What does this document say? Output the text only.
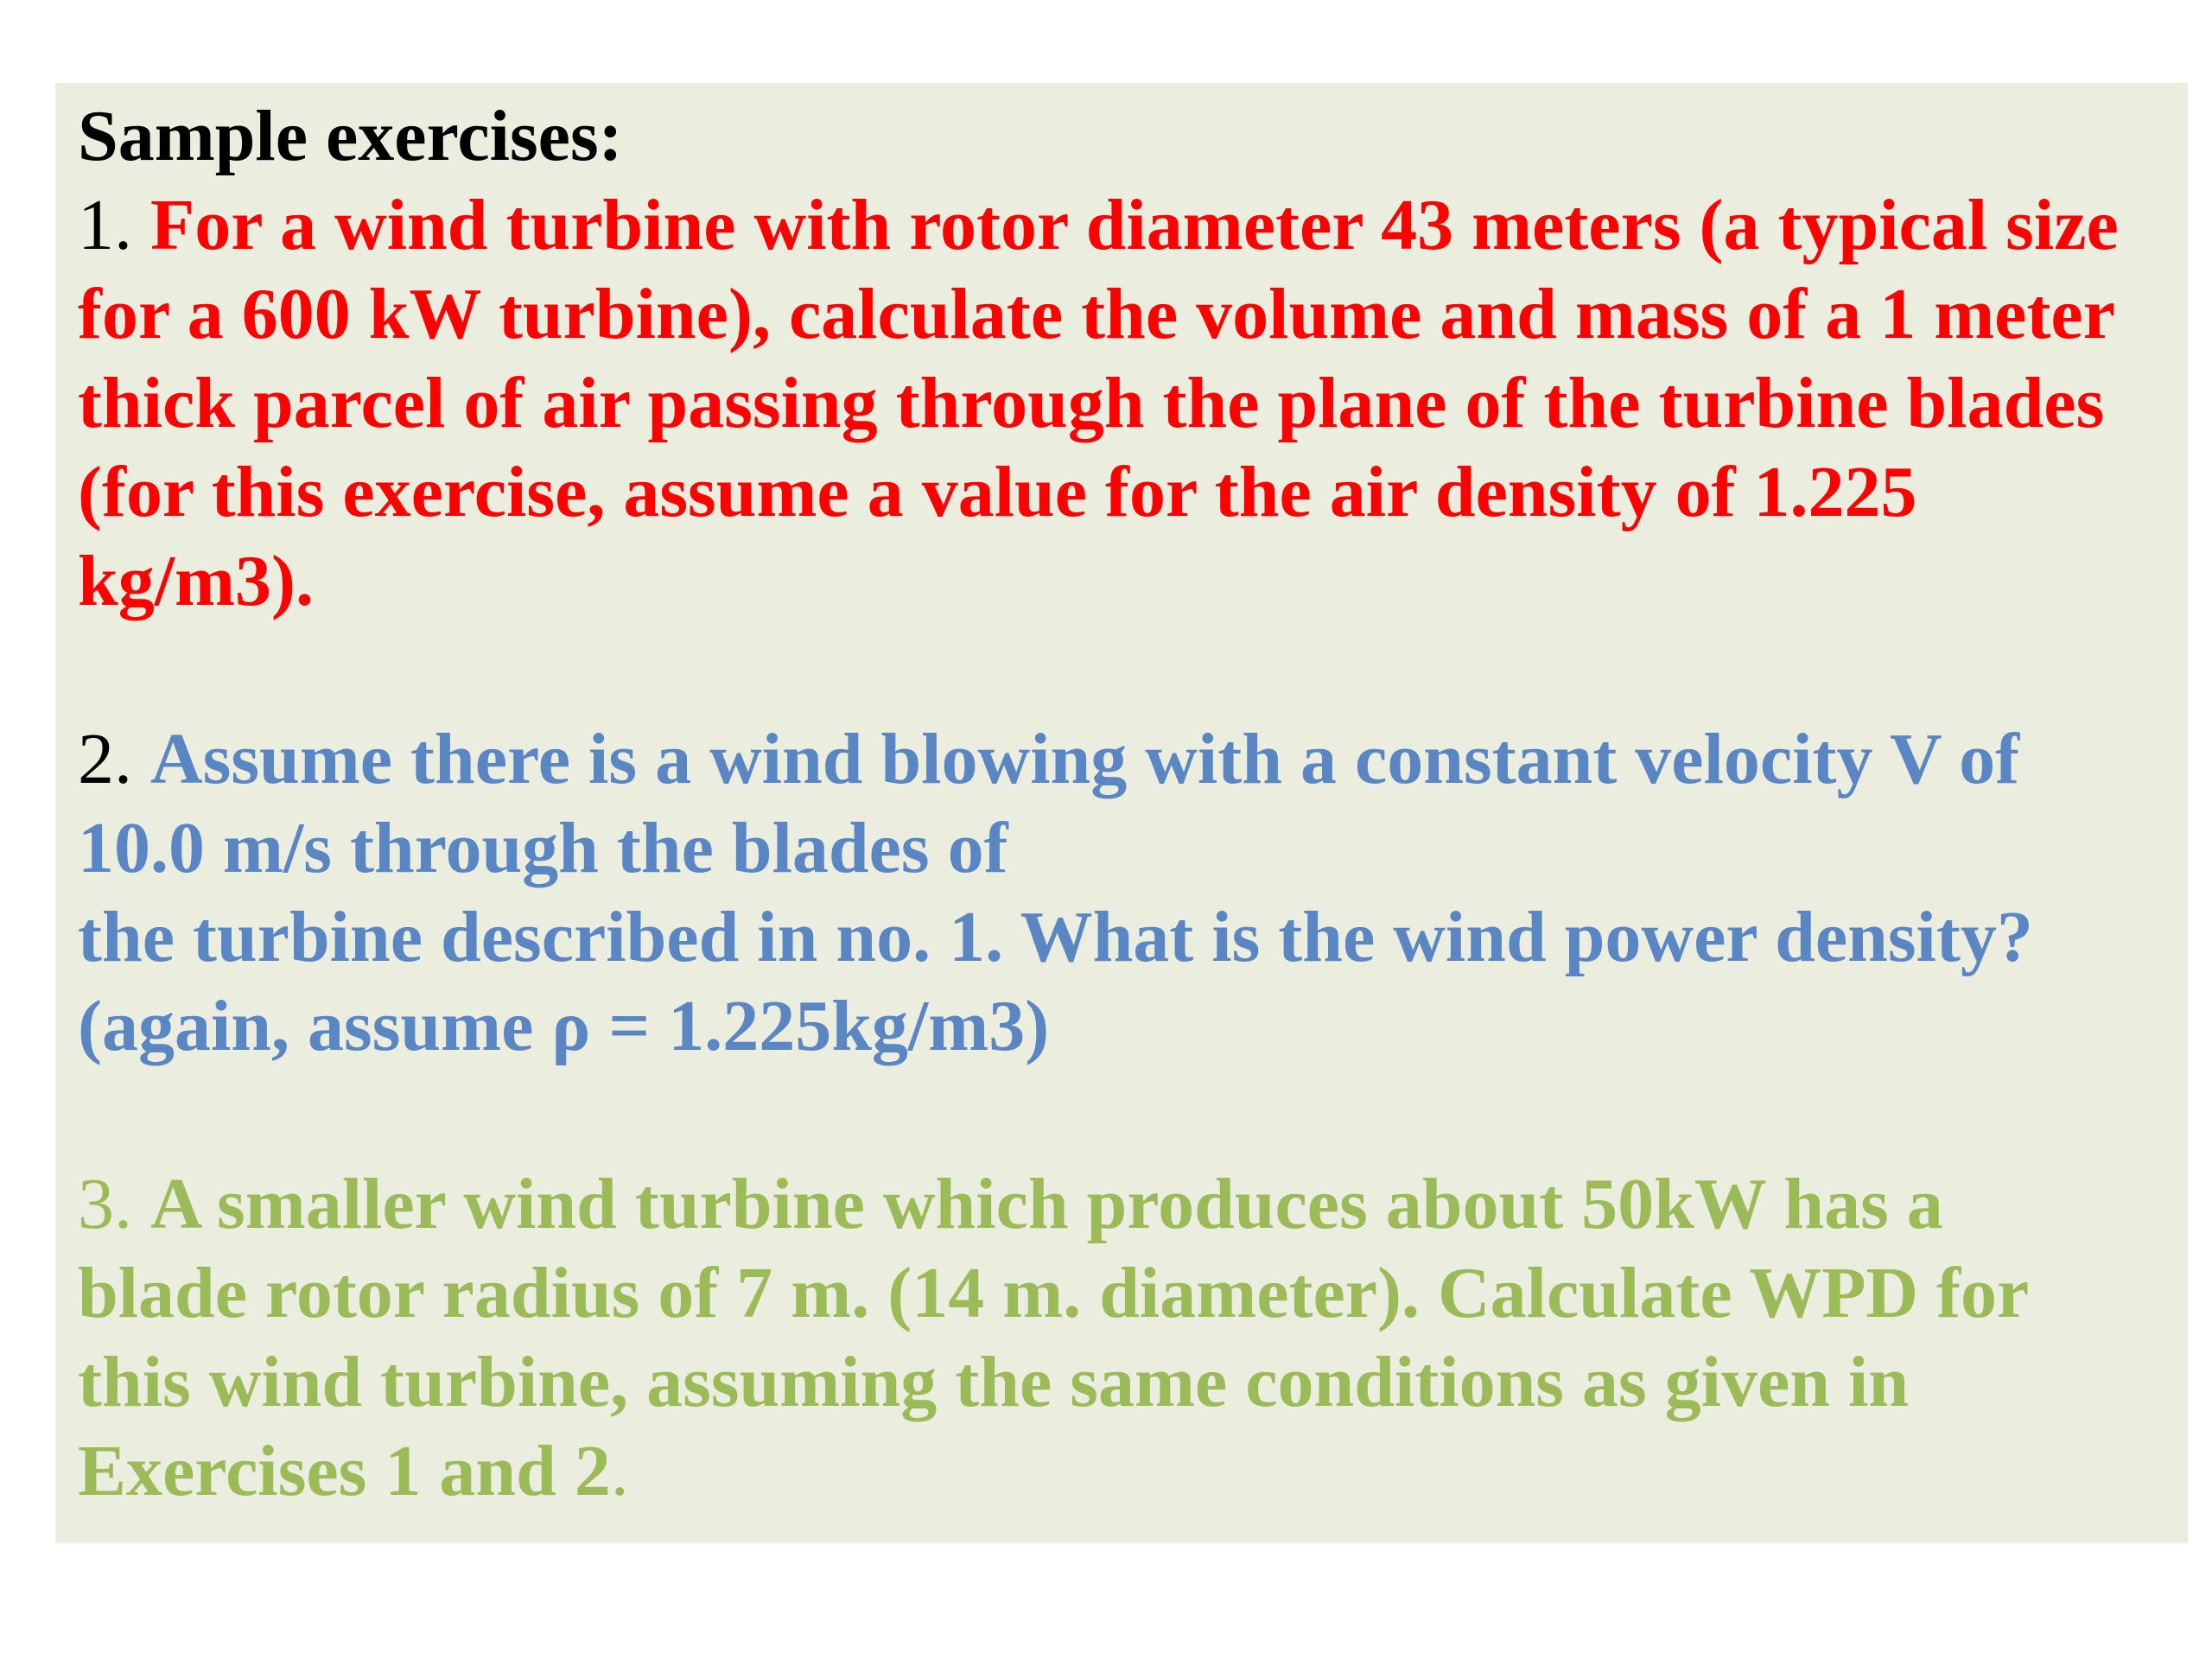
Sample exercises:

1. For a wind turbine with rotor diameter 43 meters (a typical size

for a 600 kW turbine), calculate the volume and mass of a 1 meter

thick parcel of air passing through the plane of the turbine blades

(for this exercise, assume a value for the air density of 1.225

kg/m3).

2. Assume there is a wind blowing with a constant velocity V of

10.0 m/s through the blades of

the turbine described in no. 1. What is the wind power density?

(again, assume ρ = 1.225kg/m3)

3. A smaller wind turbine which produces about 50kW has a

blade rotor radius of 7 m. (14 m. diameter). Calculate WPD for

this wind turbine, assuming the same conditions as given in

Exercises 1 and 2.
